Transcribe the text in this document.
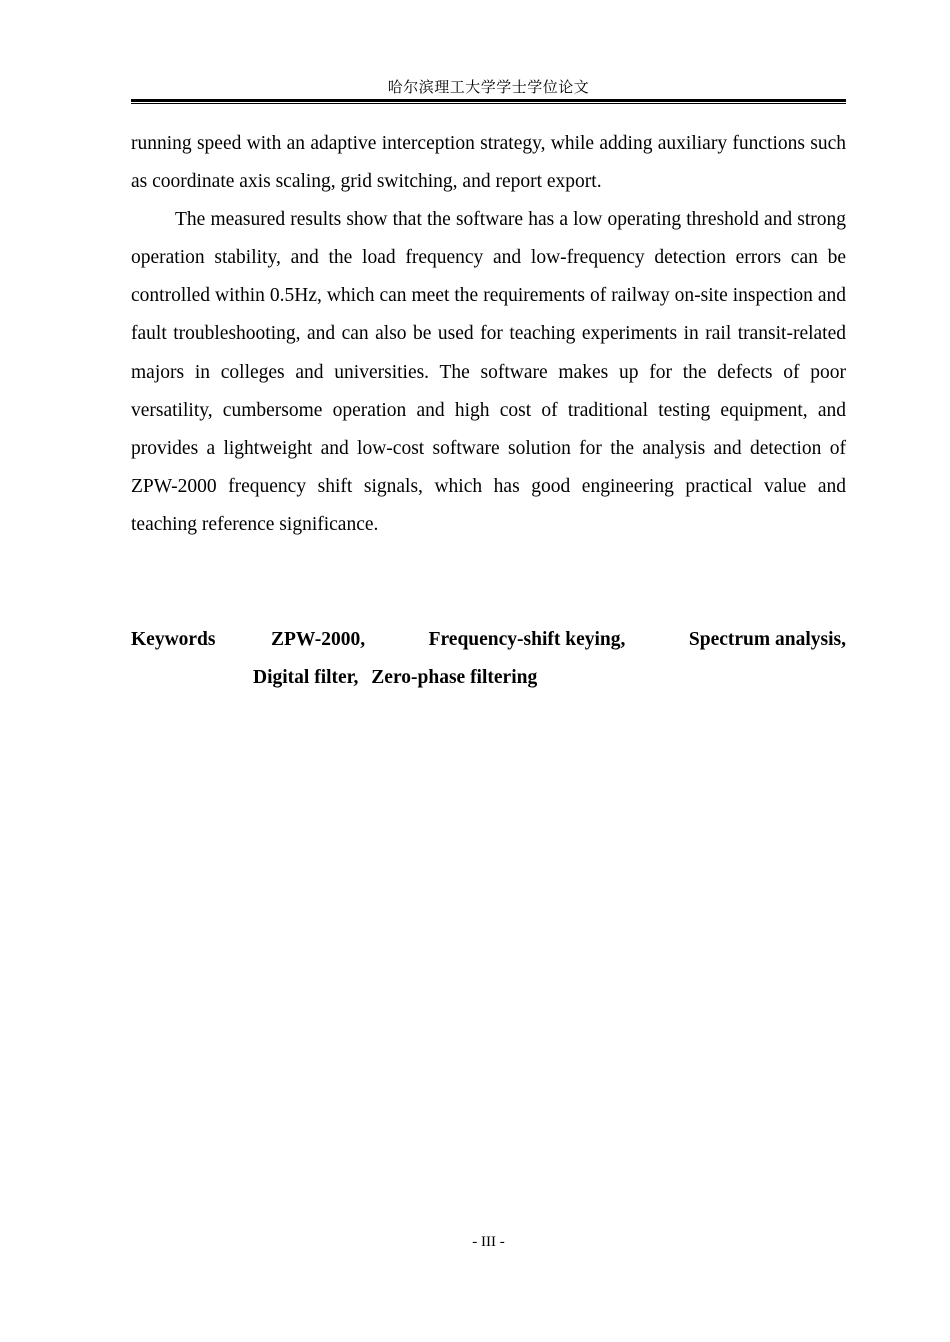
哈尔滨理工大学学士学位论文

running speed with an adaptive interception strategy, while adding auxiliary functions such as coordinate axis scaling, grid switching, and report export.

The measured results show that the software has a low operating threshold and strong operation stability, and the load frequency and low-frequency detection errors can be controlled within 0.5Hz, which can meet the requirements of railway on-site inspection and fault troubleshooting, and can also be used for teaching experiments in rail transit-related majors in colleges and universities. The software makes up for the defects of poor versatility, cumbersome operation and high cost of traditional testing equipment, and provides a lightweight and low-cost software solution for the analysis and detection of ZPW-2000 frequency shift signals, which has good engineering practical value and teaching reference significance.

Keywords	ZPW-2000,	Frequency-shift keying,	Spectrum analysis,
Digital filter, Zero-phase filtering
- III -
